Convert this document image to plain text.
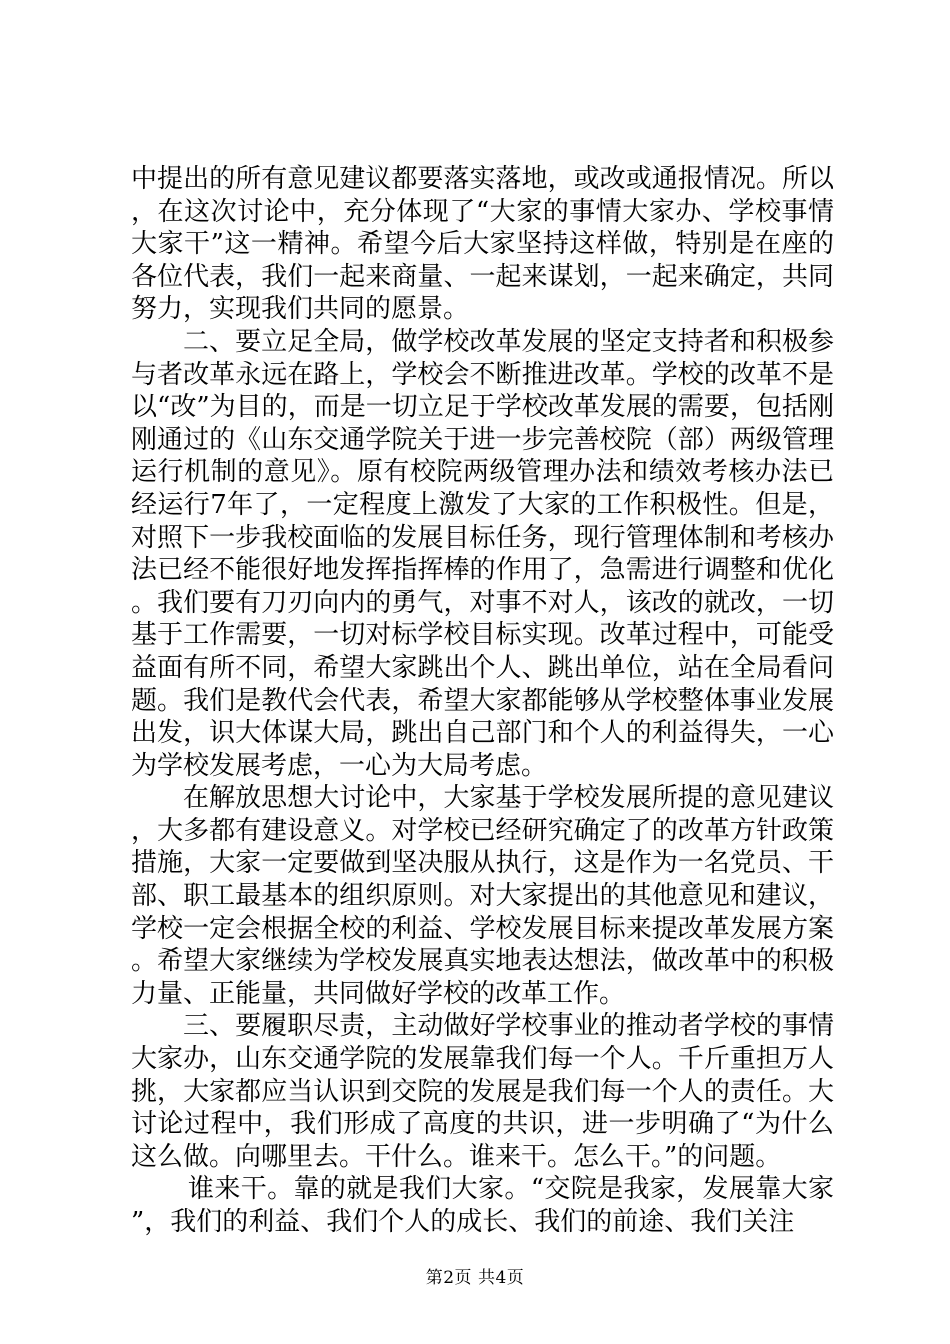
中提出的所有意见建议都要落实落地，或改或通报情况。所以，在这次讨论中，充分体现了“大家的事情大家办、学校事情大家干”这一精神。希望今后大家坚持这样做，特别是在座的各位代表，我们一起来商量、一起来谋划，一起来确定，共同努力，实现我们共同的愿景。

二、要立足全局，做学校改革发展的坚定支持者和积极参与者改革永远在路上，学校会不断推进改革。学校的改革不是以“改”为目的，而是一切立足于学校改革发展的需要，包括刚刚通过的《山东交通学院关于进一步完善校院（部）两级管理运行机制的意见》。原有校院两级管理办法和绩效考核办法已经运行7年了，一定程度上激发了大家的工作积极性。但是，对照下一步我校面临的发展目标任务，现行管理体制和考核办法已经不能很好地发挥指挥棒的作用了，急需进行调整和优化。我们要有刀刃向内的勇气，对事不对人，该改的就改，一切基于工作需要，一切对标学校目标实现。改革过程中，可能受益面有所不同，希望大家跳出个人、跳出单位，站在全局看问题。我们是教代会代表，希望大家都能够从学校整体事业发展出发，识大体谋大局，跳出自己部门和个人的利益得失，一心为学校发展考虑，一心为大局考虑。

在解放思想大讨论中，大家基于学校发展所提的意见建议，大多都有建设意义。对学校已经研究确定了的改革方针政策措施，大家一定要做到坚决服从执行，这是作为一名党员、干部、职工最基本的组织原则。对大家提出的其他意见和建议，学校一定会根据全校的利益、学校发展目标来提改革发展方案。希望大家继续为学校发展真实地表达想法，做改革中的积极力量、正能量，共同做好学校的改革工作。

三、要履职尽责，主动做好学校事业的推动者学校的事情大家办，山东交通学院的发展靠我们每一个人。千斤重担万人挑，大家都应当认识到交院的发展是我们每一个人的责任。大讨论过程中，我们形成了高度的共识，进一步明确了“为什么这么做。向哪里去。干什么。谁来干。怎么干。”的问题。

谁来干。靠的就是我们大家。“交院是我家，发展靠大家”，我们的利益、我们个人的成长、我们的前途、我们关注

第2页 共4页
